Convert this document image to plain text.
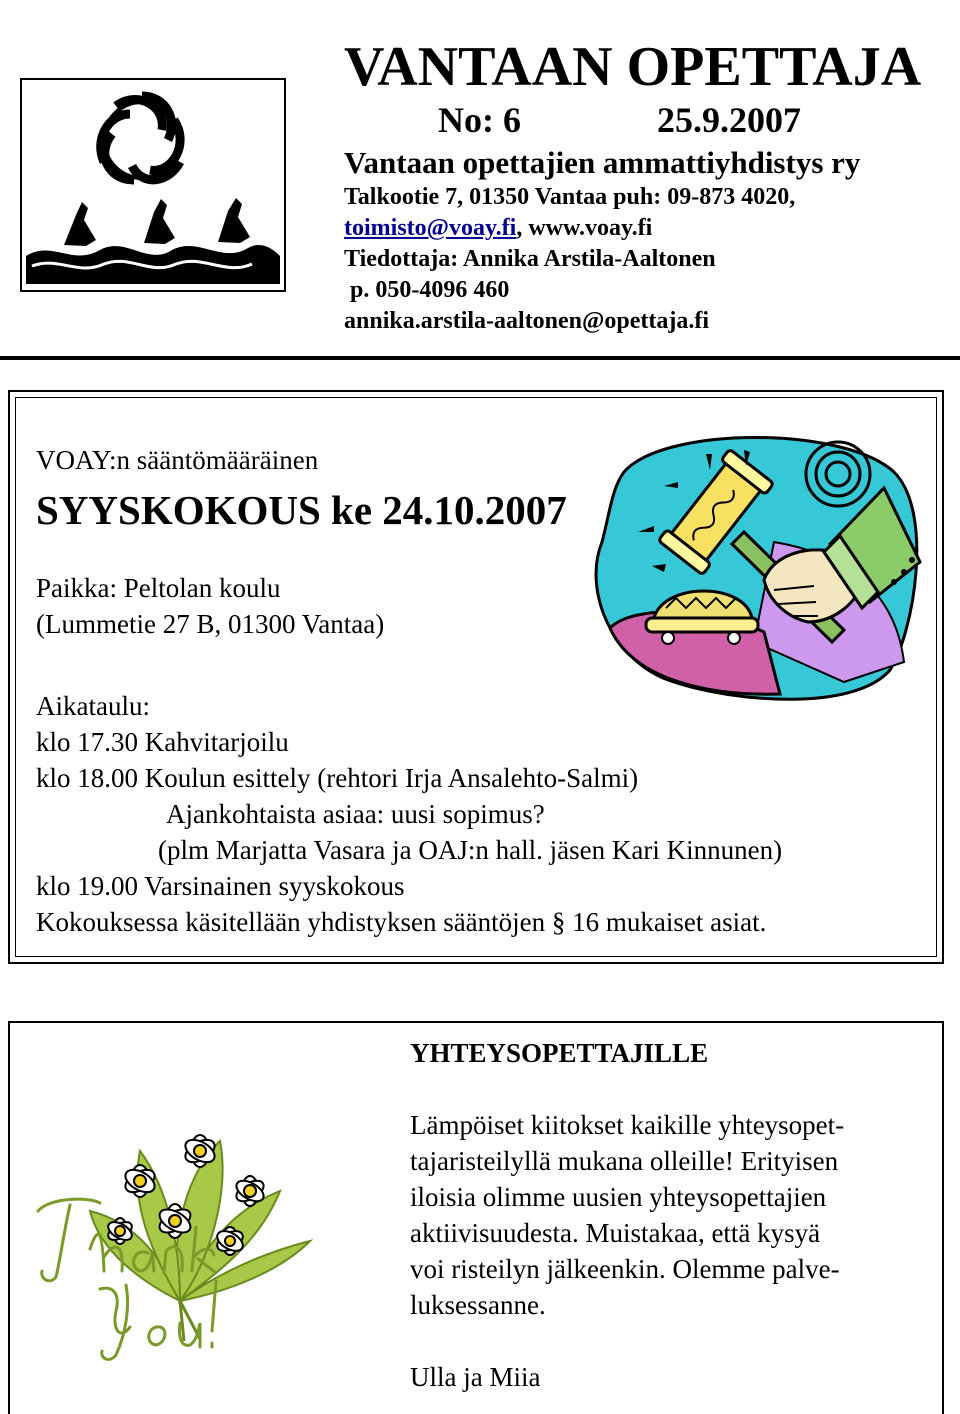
VANTAAN OPETTAJA
No: 6	25.9.2007
Vantaan opettajien ammattiyhdistys ry
Talkootie 7, 01350 Vantaa puh: 09-873 4020,
toimisto@voay.fi, www.voay.fi
Tiedottaja: Annika Arstila-Aaltonen
p. 050-4096 460
annika.arstila-aaltonen@opettaja.fi
VOAY:n sääntömääräinen
SYYSKOKOUS ke 24.10.2007
Paikka: Peltolan koulu
(Lummetie 27 B, 01300 Vantaa)
Aikataulu:
klo 17.30 Kahvitarjoilu
klo 18.00 Koulun esittely (rehtori Irja Ansalehto-Salmi)
Ajankohtaista asiaa: uusi sopimus?
(plm Marjatta Vasara ja OAJ:n hall. jäsen Kari Kinnunen)
klo 19.00 Varsinainen syyskokous
Kokouksessa käsitellään yhdistyksen sääntöjen § 16 mukaiset asiat.
YHTEYSOPETTAJILLE
Lämpöiset kiitokset kaikille yhteysopet-
tajaristeilyllä mukana olleille! Erityisen
iloisia olimme uusien yhteysopettajien
aktiivisuudesta. Muistakaa, että kysyä
voi risteilyn jälkeenkin. Olemme palve-
luksessanne.
Ulla ja Miia
